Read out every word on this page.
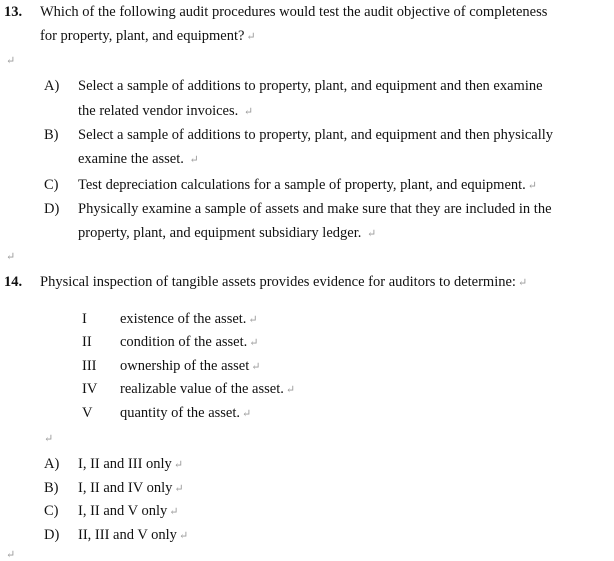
13. Which of the following audit procedures would test the audit objective of completeness
for property, plant, and equipment? ↵
↵
A) Select a sample of additions to property, plant, and equipment and then examine
the related vendor invoices. ↵
B) Select a sample of additions to property, plant, and equipment and then physically
examine the asset. ↵
C) Test depreciation calculations for a sample of property, plant, and equipment. ↵
D) Physically examine a sample of assets and make sure that they are included in the
property, plant, and equipment subsidiary ledger. ↵
↵
14. Physical inspection of tangible assets provides evidence for auditors to determine: ↵
I existence of the asset. ↵
II condition of the asset. ↵
III ownership of the asset ↵
IV realizable value of the asset. ↵
V quantity of the asset. ↵
↵
A) I, II and III only ↵
B) I, II and IV only ↵
C) I, II and V only ↵
D) II, III and V only ↵
↵
